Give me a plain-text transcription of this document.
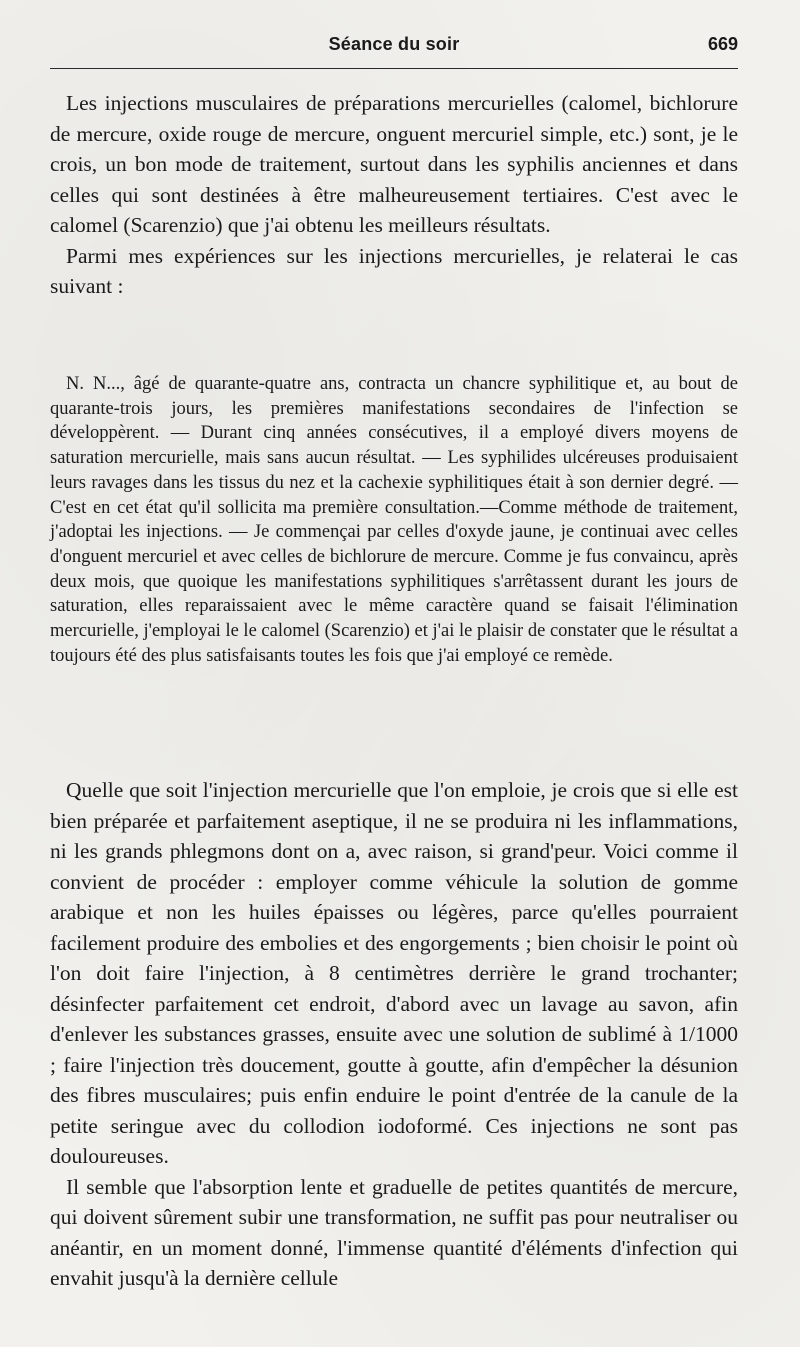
Séance du soir	669

Les injections musculaires de préparations mercurielles (calomel, bichlorure de mercure, oxide rouge de mercure, onguent mercuriel simple, etc.) sont, je le crois, un bon mode de traitement, surtout dans les syphilis anciennes et dans celles qui sont destinées à être malheureusement tertiaires. C'est avec le calomel (Scarenzio) que j'ai obtenu les meilleurs résultats.

Parmi mes expériences sur les injections mercurielles, je relaterai le cas suivant :

N. N..., âgé de quarante-quatre ans, contracta un chancre syphilitique et, au bout de quarante-trois jours, les premières manifestations secondaires de l'infection se développèrent. — Durant cinq années consécutives, il a employé divers moyens de saturation mercurielle, mais sans aucun résultat. — Les syphilides ulcéreuses produisaient leurs ravages dans les tissus du nez et la cachexie syphilitiques était à son dernier degré. — C'est en cet état qu'il sollicita ma première consultation.—Comme méthode de traitement, j'adoptai les injections. — Je commençai par celles d'oxyde jaune, je continuai avec celles d'onguent mercuriel et avec celles de bichlorure de mercure. Comme je fus convaincu, après deux mois, que quoique les manifestations syphilitiques s'arrêtassent durant les jours de saturation, elles reparaissaient avec le même caractère quand se faisait l'élimination mercurielle, j'employai le le calomel (Scarenzio) et j'ai le plaisir de constater que le résultat a toujours été des plus satisfaisants toutes les fois que j'ai employé ce remède.

Quelle que soit l'injection mercurielle que l'on emploie, je crois que si elle est bien préparée et parfaitement aseptique, il ne se produira ni les inflammations, ni les grands phlegmons dont on a, avec raison, si grand'peur. Voici comme il convient de procéder : employer comme véhicule la solution de gomme arabique et non les huiles épaisses ou légères, parce qu'elles pourraient facilement produire des embolies et des engorgements ; bien choisir le point où l'on doit faire l'injection, à 8 centimètres derrière le grand trochanter; désinfecter parfaitement cet endroit, d'abord avec un lavage au savon, afin d'enlever les substances grasses, ensuite avec une solution de sublimé à 1/1000 ; faire l'injection très doucement, goutte à goutte, afin d'empêcher la désunion des fibres musculaires; puis enfin enduire le point d'entrée de la canule de la petite seringue avec du collodion iodoformé. Ces injections ne sont pas douloureuses.

Il semble que l'absorption lente et graduelle de petites quantités de mercure, qui doivent sûrement subir une transformation, ne suffit pas pour neutraliser ou anéantir, en un moment donné, l'immense quantité d'éléments d'infection qui envahit jusqu'à la dernière cellule
